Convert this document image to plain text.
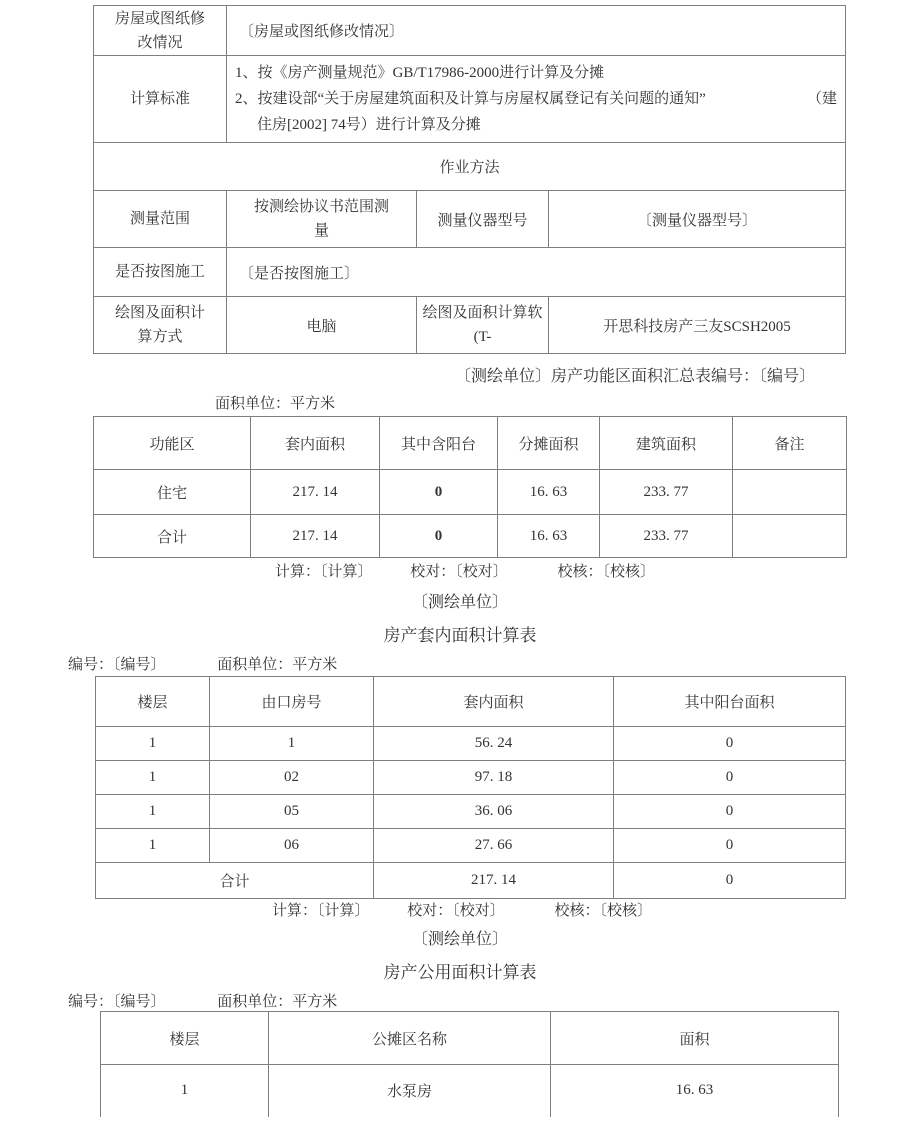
房屋或图纸修改情况	〔房屋或图纸修改情况〕		
计算标准	1、按《房产测量规范》GB/T17986-2000进行计算及分摊
2、按建设部“关于房屋建筑面积及计算与房屋权属登记有关问题的通知” （建
住房[2002] 74号）进行计算及分摊		

作业方法			
测量范围	按测绘协议书范围测量	测量仪器型号	〔测量仪器型号〕
是否按图施工	〔是否按图施工〕		
绘图及面积计算方式	电脑	绘图及面积计算软(T-	开思科技房产三友SCSH2005
〔测绘单位〕房产功能区面积汇总表编号：〔编号〕
面积单位：平方米
功能区	套内面积	其中含阳台	分摊面积	建筑面积	备注
住宅	217. 14	0	16. 63	233. 77	
合计	217. 14	0	16. 63	233. 77	
计算：〔计算〕	校对：〔校对〕	校核：〔校核〕
〔测绘单位〕
房产套内面积计算表
编号：〔编号〕	面积单位：平方米
楼层	由口房号	套内面积	其中阳台面积
1	1	56. 24	0
1	02	97. 18	0
1	05	36. 06	0
1	06	27. 66	0
合计		217. 14	0
计算：〔计算〕	校对：〔校对〕	校核：〔校核〕
〔测绘单位〕
房产公用面积计算表
编号：〔编号〕	面积单位：平方米
楼层	公摊区名称	面积
1	水泵房	16. 63
